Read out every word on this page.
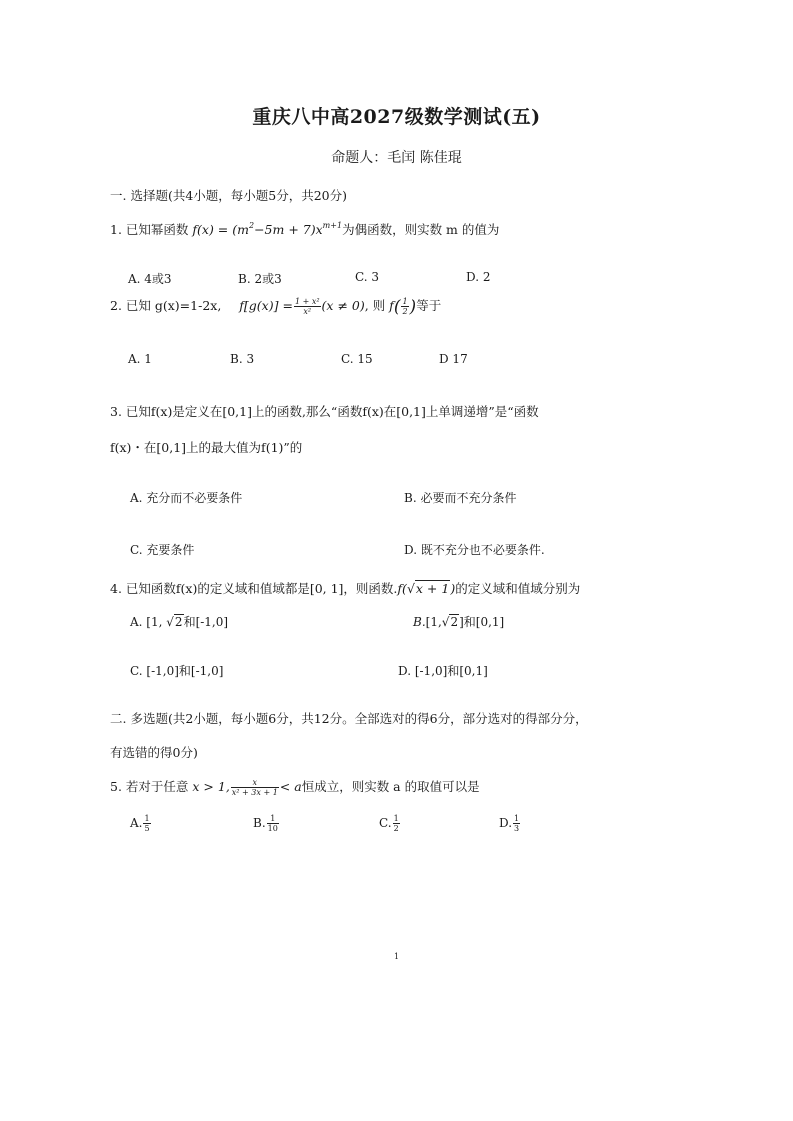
重庆八中高2027级数学测试(五)
命题人：毛闰 陈佳琨
一. 选择题(共4小题，每小题5分，共20分)
1. 已知幂函数 $f(x) = (m^2-5m + 7)x^{m+1}$为偶函数，则实数 m 的值为
A. 4或3	B. 2或3	C. 3	D. 2
2. 已知 g(x)=1-2x, $f[g(x)] = \frac{\text{1 + x²}}{\text{x²}} (x \ne 0)$, 则 $f( \frac{1}{2}$ )等于
A. 1	B. 3	C. 15	D 17
3. 已知f(x)是定义在[0,1]上的函数,那么“函数f(x)在[0,1]上单调递增”是“函数
f(x)・在[0,1]上的最大值为f(1)”的
A. 充分而不必要条件	B. 必要而不充分条件
C. 充要条件	D. 既不充分也不必要条件.
4. 已知函数f(x)的定义域和值域都是[0, 1]，则函数.f(√x + 1)的定义域和值域分别为
A. [1, √2和[-1,0]	B.[1,√2]和[0,1]
C. [-1,0]和[-1,0]	D. [-1,0]和[0,1]
二. 多选题(共2小题，每小题6分，共12分。全部选对的得6分，部分选对的得部分分，
有选错的得0分)
5. 若对于任意 x > 1, $\frac{x}{\text{x² + 3x + 1}} < a$恒成立，则实数 a 的取值可以是
A. $\frac{1}{5}$	B. $\frac{1}{10}$	C. $\frac{1}{2}$	D. $\frac{1}{3}$
1
